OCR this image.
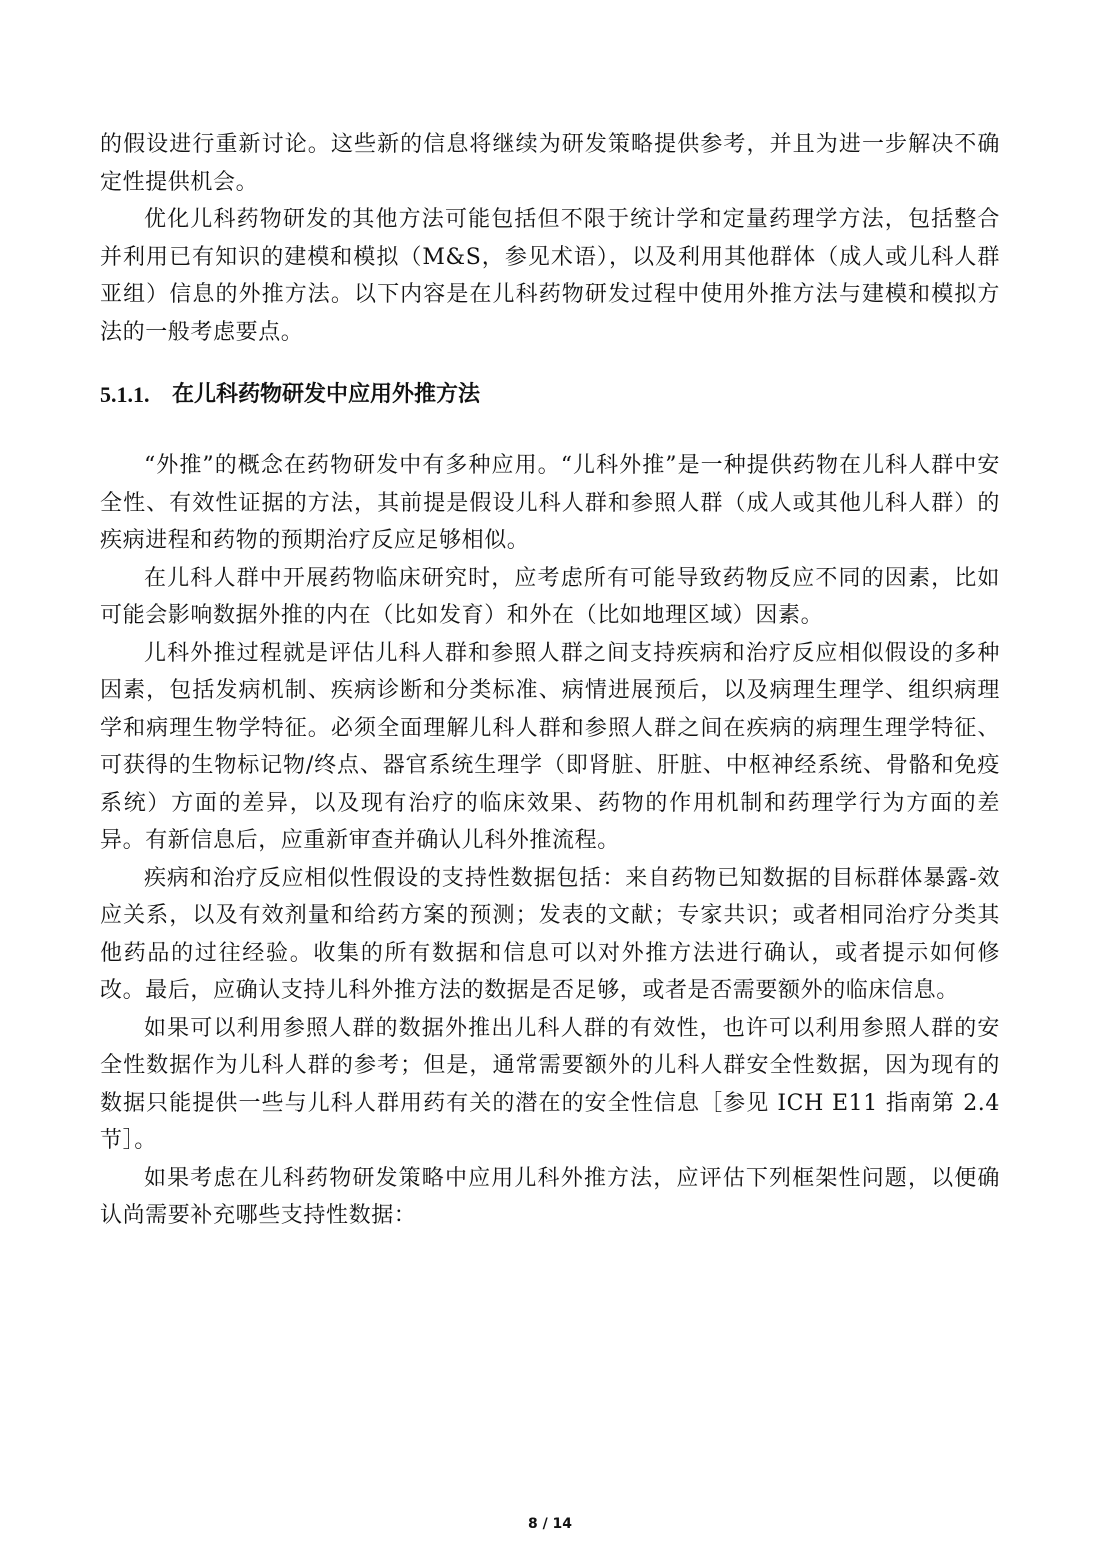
的假设进行重新讨论。这些新的信息将继续为研发策略提供参考，并且为进一步解决不确定性提供机会。

优化儿科药物研发的其他方法可能包括但不限于统计学和定量药理学方法，包括整合并利用已有知识的建模和模拟（M&S，参见术语），以及利用其他群体（成人或儿科人群亚组）信息的外推方法。以下内容是在儿科药物研发过程中使用外推方法与建模和模拟方法的一般考虑要点。

5.1.1.	在儿科药物研发中应用外推方法

“外推”的概念在药物研发中有多种应用。“儿科外推”是一种提供药物在儿科人群中安全性、有效性证据的方法，其前提是假设儿科人群和参照人群（成人或其他儿科人群）的疾病进程和药物的预期治疗反应足够相似。

在儿科人群中开展药物临床研究时，应考虑所有可能导致药物反应不同的因素，比如可能会影响数据外推的内在（比如发育）和外在（比如地理区域）因素。

儿科外推过程就是评估儿科人群和参照人群之间支持疾病和治疗反应相似假设的多种因素，包括发病机制、疾病诊断和分类标准、病情进展预后，以及病理生理学、组织病理学和病理生物学特征。必须全面理解儿科人群和参照人群之间在疾病的病理生理学特征、可获得的生物标记物/终点、器官系统生理学（即肾脏、肝脏、中枢神经系统、骨骼和免疫系统）方面的差异，以及现有治疗的临床效果、药物的作用机制和药理学行为方面的差异。有新信息后，应重新审查并确认儿科外推流程。

疾病和治疗反应相似性假设的支持性数据包括：来自药物已知数据的目标群体暴露-效应关系，以及有效剂量和给药方案的预测；发表的文献；专家共识；或者相同治疗分类其他药品的过往经验。收集的所有数据和信息可以对外推方法进行确认，或者提示如何修改。最后，应确认支持儿科外推方法的数据是否足够，或者是否需要额外的临床信息。

如果可以利用参照人群的数据外推出儿科人群的有效性，也许可以利用参照人群的安全性数据作为儿科人群的参考；但是，通常需要额外的儿科人群安全性数据，因为现有的数据只能提供一些与儿科人群用药有关的潜在的安全性信息［参见 ICH E11 指南第 2.4 节］。

如果考虑在儿科药物研发策略中应用儿科外推方法，应评估下列框架性问题，以便确认尚需要补充哪些支持性数据：

8 / 14
